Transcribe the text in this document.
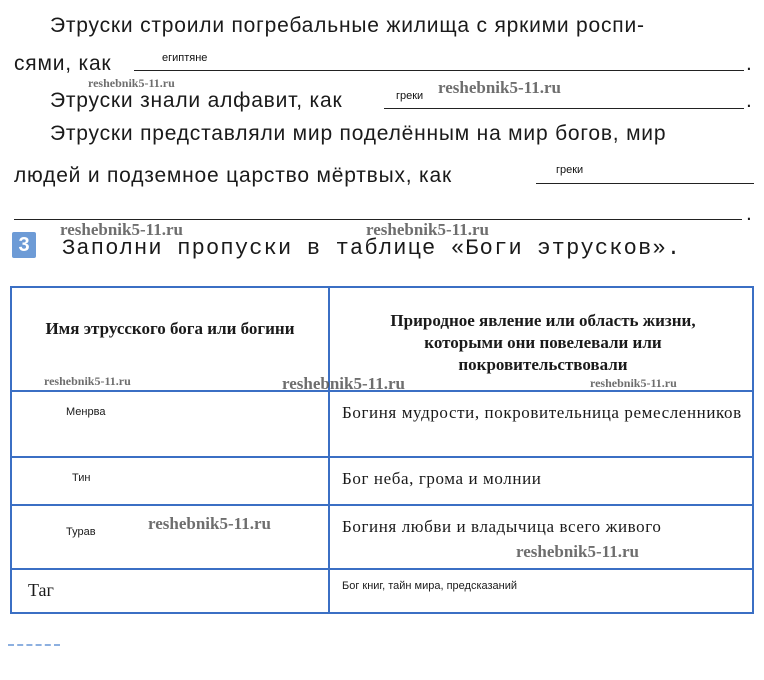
Этруски строили погребальные жилища с яркими роспи-
сями, как	египтяне	.
Этруски знали алфавит, как	греки	.
Этруски представляли мир поделённым на мир богов, мир
людей и подземное царство мёртвых, как	греки
.
3 Заполни пропуски в таблице «Боги этрусков».
Имя этрусского бога или богини	Природное явление или область жизни, которыми они повелевали или покровительствовали
Менрва	Богиня мудрости, покровительница ремесленников
Тин	Бог неба, грома и молнии
Турав	Богиня любви и владычица всего живого
Таг	Бог книг, тайн мира, предсказаний
reshebnik5-11.ru	reshebnik5-11.ru
reshebnik5-11.ru	reshebnik5-11.ru
reshebnik5-11.ru	reshebnik5-11.ru	reshebnik5-11.ru
reshebnik5-11.ru
reshebnik5-11.ru
